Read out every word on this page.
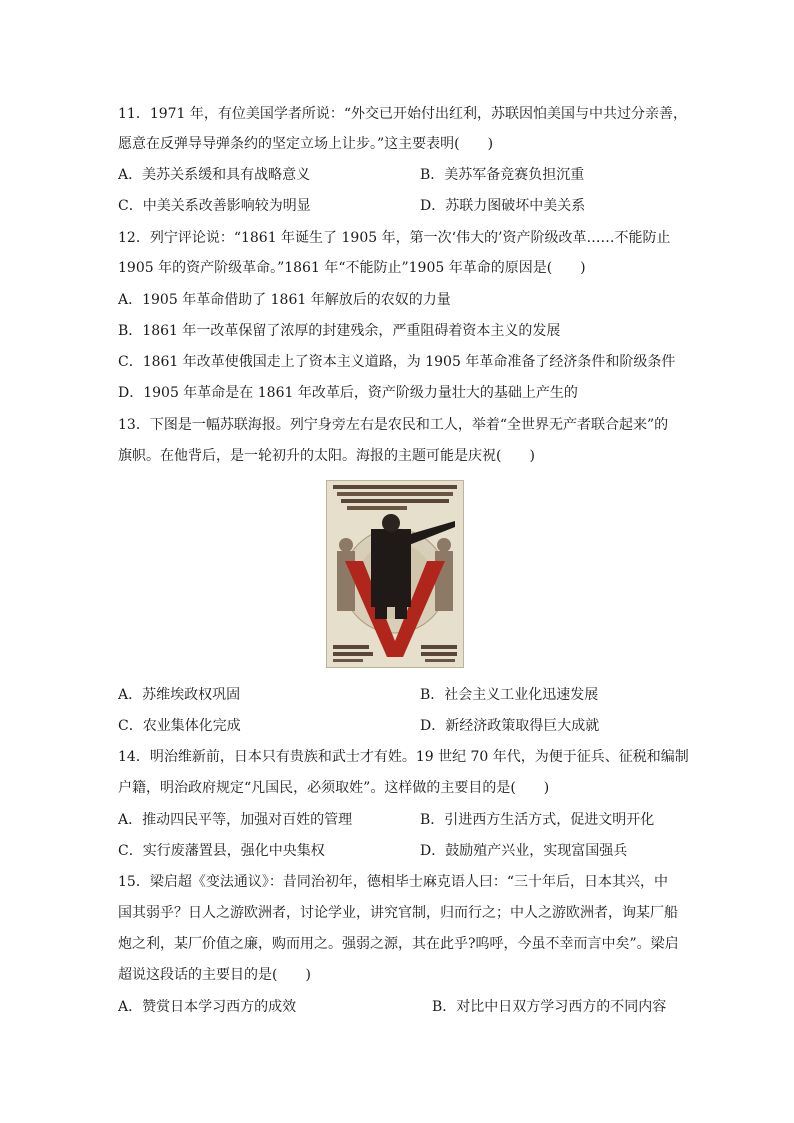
11．1971 年，有位美国学者所说：“外交已开始付出红利，苏联因怕美国与中共过分亲善，
愿意在反弹导导弹条约的坚定立场上让步。”这主要表明(　　)
A．美苏关系缓和具有战略意义	B．美苏军备竞赛负担沉重
C．中美关系改善影响较为明显	D．苏联力图破坏中美关系
12．列宁评论说：“1861 年诞生了 1905 年，第一次‘伟大的’资产阶级改革……不能防止
1905 年的资产阶级革命。”1861 年“不能防止”1905 年革命的原因是(　　)
A．1905 年革命借助了 1861 年解放后的农奴的力量
B．1861 年一改革保留了浓厚的封建残余，严重阻碍着资本主义的发展
C．1861 年改革使俄国走上了资本主义道路，为 1905 年革命准备了经济条件和阶级条件
D．1905 年革命是在 1861 年改革后，资产阶级力量壮大的基础上产生的
13．下图是一幅苏联海报。列宁身旁左右是农民和工人，举着“全世界无产者联合起来”的
旗帜。在他背后，是一轮初升的太阳。海报的主题可能是庆祝(　　)
A．苏维埃政权巩固	B．社会主义工业化迅速发展
C．农业集体化完成	D．新经济政策取得巨大成就
14．明治维新前，日本只有贵族和武士才有姓。19 世纪 70 年代，为便于征兵、征税和编制
户籍，明治政府规定“凡国民，必须取姓”。这样做的主要目的是(　　)
A．推动四民平等，加强对百姓的管理	B．引进西方生活方式，促进文明开化
C．实行废藩置县，强化中央集权	D．鼓励殖产兴业，实现富国强兵
15．梁启超《变法通议》：昔同治初年，德相毕士麻克语人曰：“三十年后，日本其兴，中
国其弱乎？日人之游欧洲者，讨论学业，讲究官制，归而行之；中人之游欧洲者，询某厂船
炮之利，某厂价值之廉，购而用之。强弱之源，其在此乎?呜呼，今虽不幸而言中矣”。梁启
超说这段话的主要目的是(　　)
A．赞赏日本学习西方的成效	B．对比中日双方学习西方的不同内容
